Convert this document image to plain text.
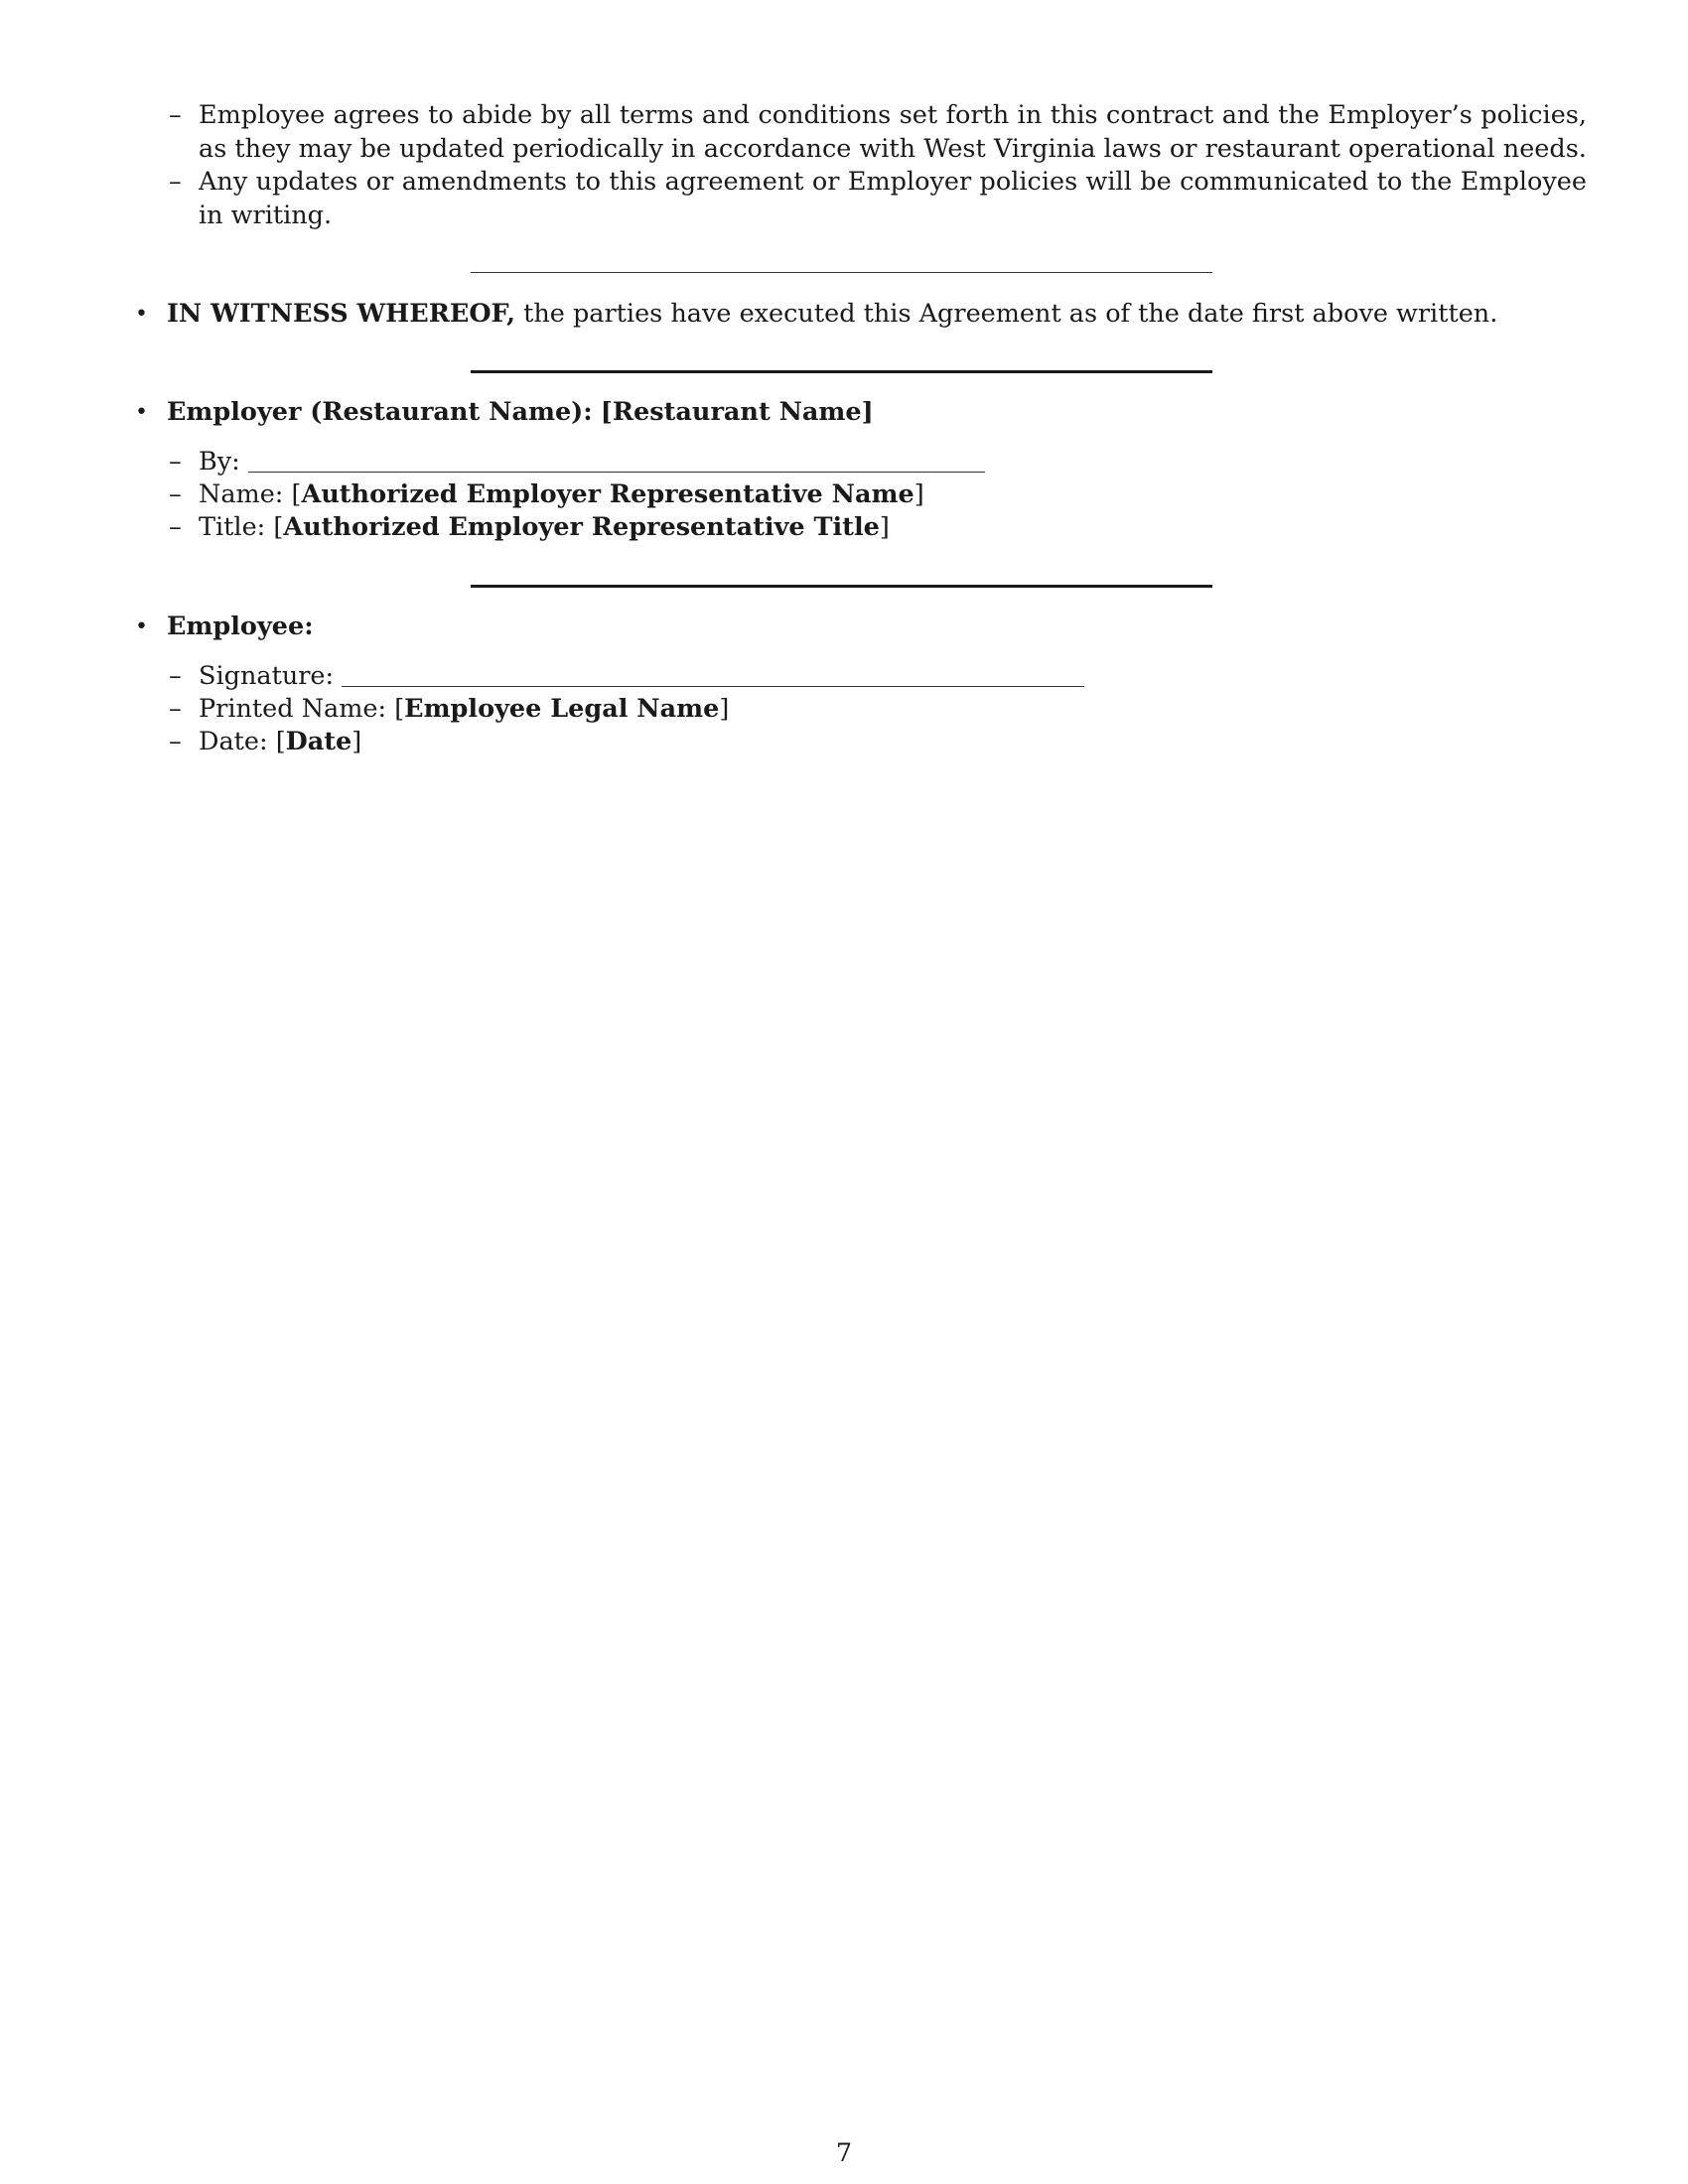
– Employee agrees to abide by all terms and conditions set forth in this contract and the Employer’s policies, as they may be updated periodically in accordance with West Virginia laws or restaurant operational needs.
– Any updates or amendments to this agreement or Employer policies will be communicated to the Employee in writing.
• IN WITNESS WHEREOF, the parties have executed this Agreement as of the date first above written.
• Employer (Restaurant Name): [Restaurant Name]
– By:
– Name: [Authorized Employer Representative Name]
– Title: [Authorized Employer Representative Title]
• Employee:
– Signature:
– Printed Name: [Employee Legal Name]
– Date: [Date]
7
